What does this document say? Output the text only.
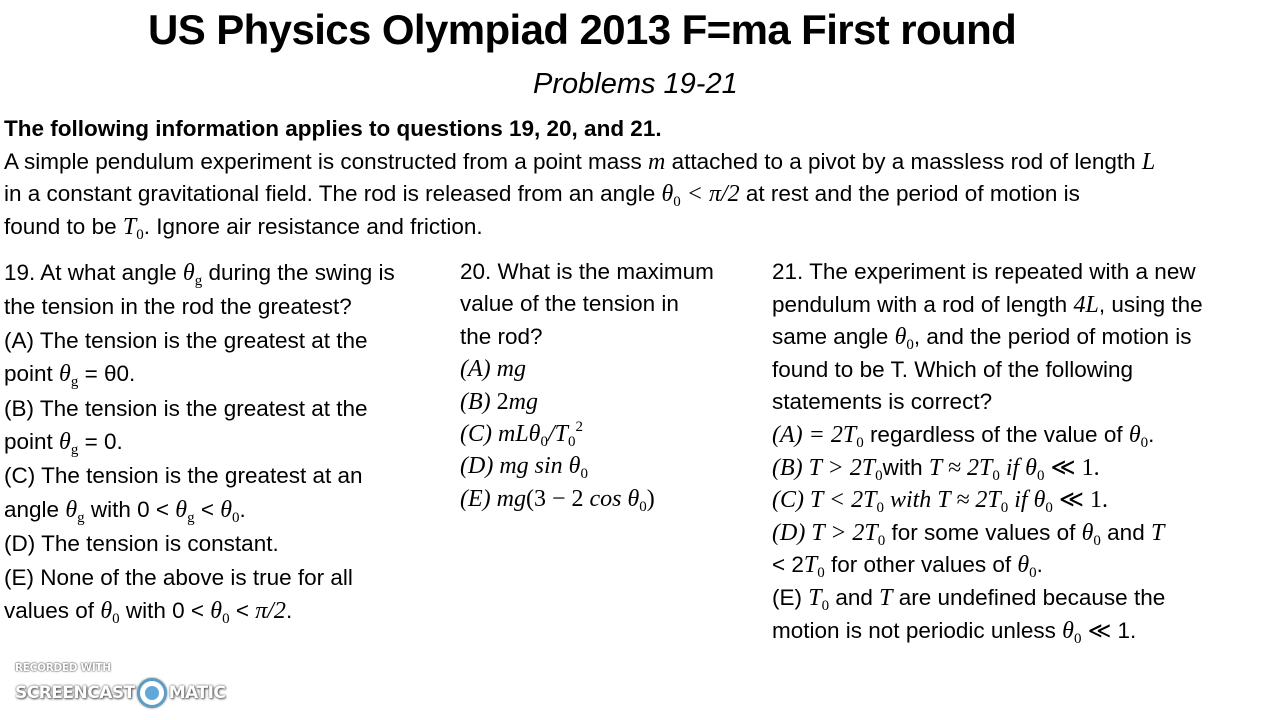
US Physics Olympiad 2013 F=ma First round
Problems 19-21
The following information applies to questions 19, 20, and 21.
A simple pendulum experiment is constructed from a point mass m attached to a pivot by a massless rod of length L
in a constant gravitational field. The rod is released from an angle $\theta_0 < \pi/2$ at rest and the period of motion is
found to be $T_0$. Ignore air resistance and friction.
19. At what angle $\theta_g$ during the swing is
the tension in the rod the greatest?
(A) The tension is the greatest at the
point $\theta_g = \theta 0$.
(B) The tension is the greatest at the
point $\theta_g = 0$.
(C) The tension is the greatest at an
angle $\theta_g$ with $0 < \theta_g < \theta_0$.
(D) The tension is constant.
(E) None of the above is true for all
values of $\theta_0$ with $0 < \theta_0 < \pi/2$.
20. What is the maximum
value of the tension in
the rod?
(A) mg
(B) 2mg
(C) $mL\theta_0/T_0^2$
(D) mg $\sin \theta_0$
(E) mg(3 − 2 $\cos \theta_0$)
21. The experiment is repeated with a new
pendulum with a rod of length 4L, using the
same angle $\theta_0$, and the period of motion is
found to be T. Which of the following
statements is correct?
$(A) = 2T_0$ regardless of the value of $\theta_0$.
(B) $T > 2T_0with$ $T \approx 2T_0$ if $\theta_0$ ≪ 1.
(C) $T < 2T_0$ with $T \approx 2T_0$ if $\theta_0$ ≪ 1.
(D) $T > 2T_0$ for some values of $\theta_0$ and T
< $2T_0$ for other values of $\theta_0$.
(E) $T_0$ and T are undefined because the
motion is not periodic unless $\theta_0$ ≪ 1.
RECORDED WITH
SCREENCAST MATIC
